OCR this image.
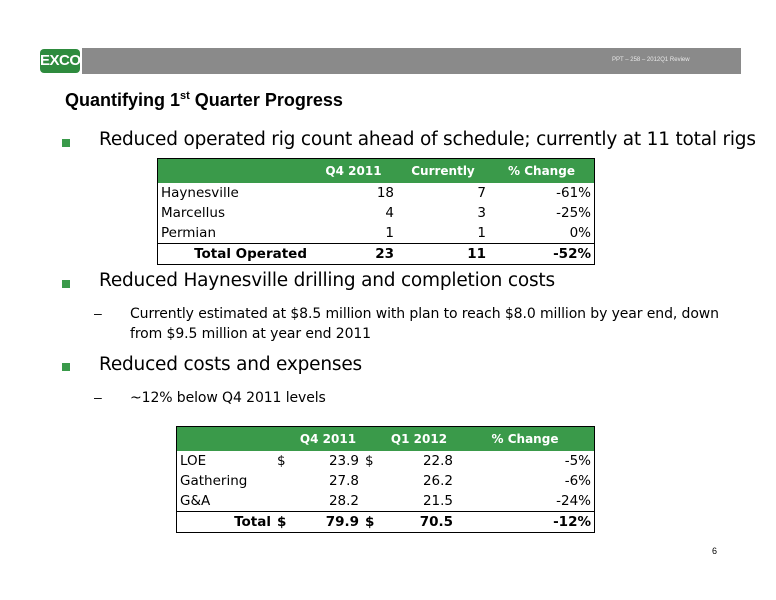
EXCO	PPT – 258 – 2012Q1 Review
Quantifying 1st Quarter Progress
Reduced operated rig count ahead of schedule; currently at 11 total rigs
	Q4 2011	Currently	% Change
Haynesville	18	7	-61%
Marcellus	4	3	-25%
Permian	1	1	0%
Total Operated	23	11	-52%
Reduced Haynesville drilling and completion costs
– Currently estimated at $8.5 million with plan to reach $8.0 million by year end, down from $9.5 million at year end 2011
Reduced costs and expenses
– ~12% below Q4 2011 levels
		Q4 2011		Q1 2012	% Change
LOE	$	23.9	$	22.8	-5%
Gathering		27.8		26.2	-6%
G&A		28.2		21.5	-24%
Total	$	79.9	$	70.5	-12%
6
